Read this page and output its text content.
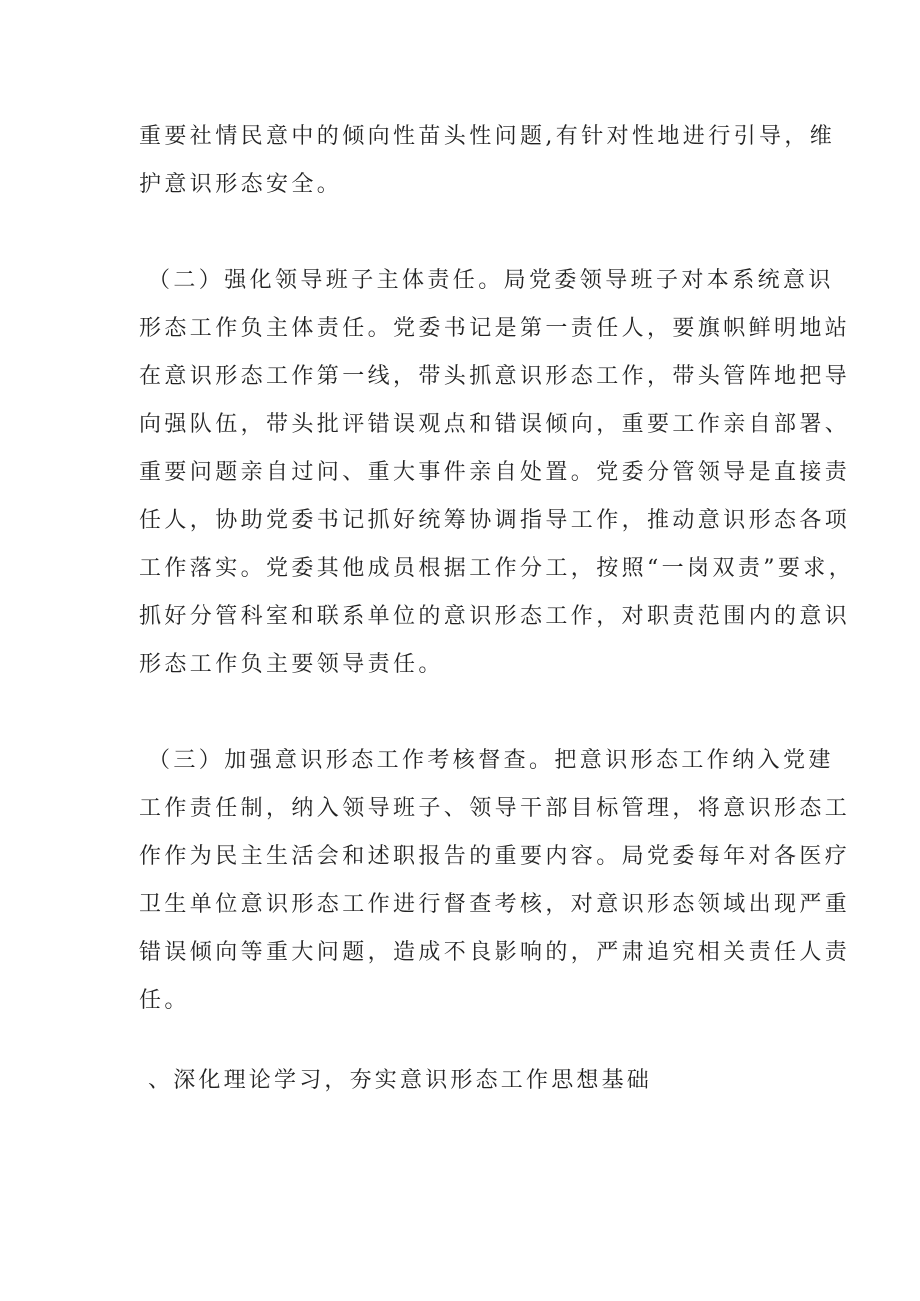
重要社情民意中的倾向性苗头性问题,有针对性地进行引导，维
护意识形态安全。
（二）强化领导班子主体责任。局党委领导班子对本系统意识
形态工作负主体责任。党委书记是第一责任人，要旗帜鲜明地站
在意识形态工作第一线，带头抓意识形态工作，带头管阵地把导
向强队伍，带头批评错误观点和错误倾向，重要工作亲自部署、
重要问题亲自过问、重大事件亲自处置。党委分管领导是直接责
任人，协助党委书记抓好统筹协调指导工作，推动意识形态各项
工作落实。党委其他成员根据工作分工，按照“一岗双责”要求，
抓好分管科室和联系单位的意识形态工作，对职责范围内的意识
形态工作负主要领导责任。
（三）加强意识形态工作考核督查。把意识形态工作纳入党建
工作责任制，纳入领导班子、领导干部目标管理，将意识形态工
作作为民主生活会和述职报告的重要内容。局党委每年对各医疗
卫生单位意识形态工作进行督查考核，对意识形态领域出现严重
错误倾向等重大问题，造成不良影响的，严肃追究相关责任人责
任。
、深化理论学习，夯实意识形态工作思想基础
